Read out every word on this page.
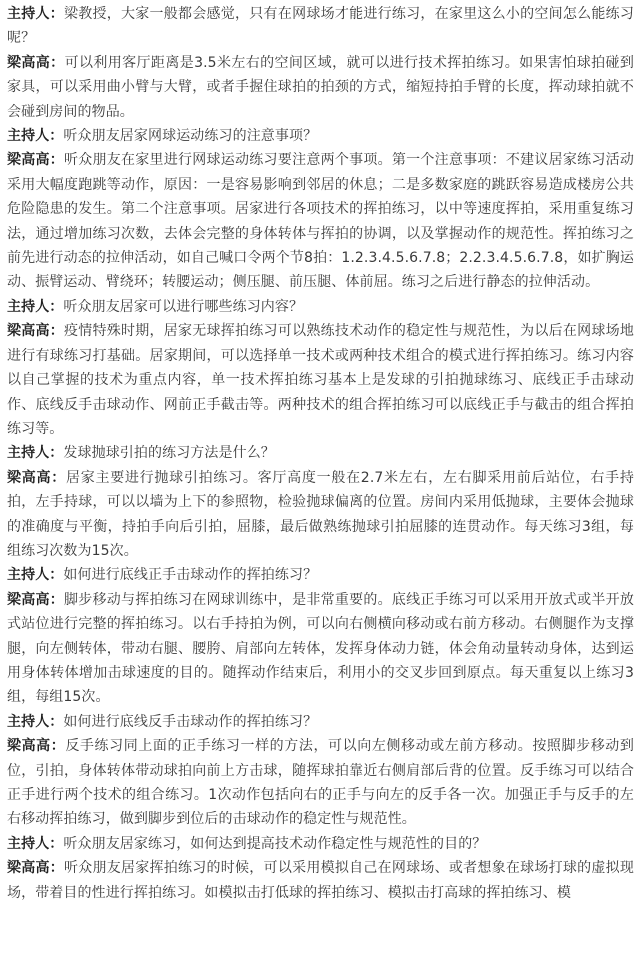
主持人：梁教授，大家一般都会感觉，只有在网球场才能进行练习，在家里这么小的空间怎么能练习呢？

梁高高：可以利用客厅距离是3.5米左右的空间区域，就可以进行技术挥拍练习。如果害怕球拍碰到家具，可以采用曲小臂与大臂，或者手握住球拍的拍颈的方式，缩短持拍手臂的长度，挥动球拍就不会碰到房间的物品。

主持人：听众朋友居家网球运动练习的注意事项？

梁高高：听众朋友在家里进行网球运动练习要注意两个事项。第一个注意事项：不建议居家练习活动采用大幅度跑跳等动作，原因：一是容易影响到邻居的休息；二是多数家庭的跳跃容易造成楼房公共危险隐患的发生。第二个注意事项。居家进行各项技术的挥拍练习，以中等速度挥拍，采用重复练习法，通过增加练习次数，去体会完整的身体转体与挥拍的协调，以及掌握动作的规范性。挥拍练习之前先进行动态的拉伸活动，如自己喊口令两个节8拍：1.2.3.4.5.6.7.8；2.2.3.4.5.6.7.8，如扩胸运动、振臂运动、臂绕环；转腰运动；侧压腿、前压腿、体前屈。练习之后进行静态的拉伸活动。

主持人：听众朋友居家可以进行哪些练习内容？

梁高高：疫情特殊时期，居家无球挥拍练习可以熟练技术动作的稳定性与规范性，为以后在网球场地进行有球练习打基础。居家期间，可以选择单一技术或两种技术组合的模式进行挥拍练习。练习内容以自己掌握的技术为重点内容，单一技术挥拍练习基本上是发球的引拍抛球练习、底线正手击球动作、底线反手击球动作、网前正手截击等。两种技术的组合挥拍练习可以底线正手与截击的组合挥拍练习等。

主持人：发球抛球引拍的练习方法是什么？

梁高高：居家主要进行抛球引拍练习。客厅高度一般在2.7米左右，左右脚采用前后站位，右手持拍，左手持球，可以以墙为上下的参照物，检验抛球偏离的位置。房间内采用低抛球，主要体会抛球的准确度与平衡，持拍手向后引拍，屈膝，最后做熟练抛球引拍屈膝的连贯动作。每天练习3组，每组练习次数为15次。

主持人：如何进行底线正手击球动作的挥拍练习？

梁高高：脚步移动与挥拍练习在网球训练中，是非常重要的。底线正手练习可以采用开放式或半开放式站位进行完整的挥拍练习。以右手持拍为例，可以向右侧横向移动或右前方移动。右侧腿作为支撑腿，向左侧转体，带动右腿、腰胯、肩部向左转体，发挥身体动力链，体会角动量转动身体，达到运用身体转体增加击球速度的目的。随挥动作结束后，利用小的交叉步回到原点。每天重复以上练习3组，每组15次。

主持人：如何进行底线反手击球动作的挥拍练习？

梁高高：反手练习同上面的正手练习一样的方法，可以向左侧移动或左前方移动。按照脚步移动到位，引拍，身体转体带动球拍向前上方击球，随挥球拍靠近右侧肩部后背的位置。反手练习可以结合正手进行两个技术的组合练习。1次动作包括向右的正手与向左的反手各一次。加强正手与反手的左右移动挥拍练习，做到脚步到位后的击球动作的稳定性与规范性。

主持人：听众朋友居家练习，如何达到提高技术动作稳定性与规范性的目的？

梁高高：听众朋友居家挥拍练习的时候，可以采用模拟自己在网球场、或者想象在球场打球的虚拟现场，带着目的性进行挥拍练习。如模拟击打低球的挥拍练习、模拟击打高球的挥拍练习、模
